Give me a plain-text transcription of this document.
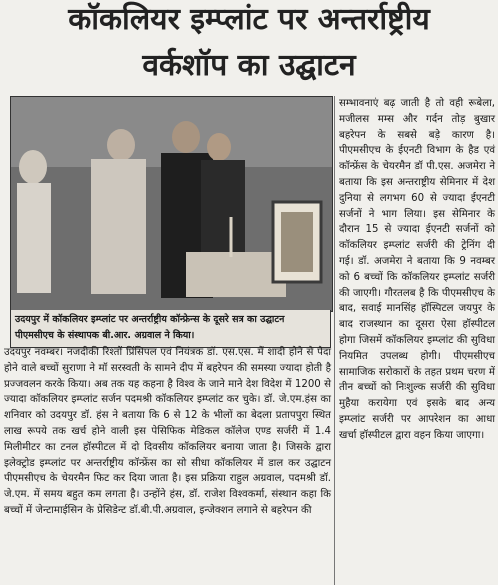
कॉकलियर इम्प्लांट पर अन्तर्राष्ट्रीय
वर्कशॉप का उद्घाटन
उदयपुर में कॉकलियर इम्प्लांट पर अन्तर्राष्ट्रीय कॉन्फ्रेन्स के दूसरे सत्र का उद्घाटन पीएमसीएच के संस्थापक बी.आर. अग्रवाल ने किया।

उदयपुर नवम्बर। नजदीकी रिश्तों प्रिंसिपल एवं नियंत्रक डॉ. एस.एस. में शादी होने से पैदा होने वाले बच्चों सुराणा ने मॉ सरस्वती के सामने दीप में बहरेपन की समस्या ज्यादा होती है प्रज्जवलन करके किया। अब तक यह कहना है विश्व के जाने माने देश विदेश में 1200 से ज्यादा कॉकलियर इम्प्लांट सर्जन पदमश्री कॉकलियर इम्प्लांट कर चुके। डॉ. जे.एम.हंस का शनिवार को उदयपुर डॉ. हंस ने बताया कि 6 से 12 के भीलों का बेदला प्रतापपुरा स्थित लाख रूपये तक खर्च होने वाली इस पेसिफिक मेडिकल कॉलेज एण्ड सर्जरी में 1.4 मिलीमीटर का टनल हॉस्पीटल में दो दिवसीय कॉकलियर बनाया जाता है। जिसके द्वारा इलेक्ट्रोड इम्प्लांट पर अन्तर्राष्ट्रीय कॉन्फ्रेंस का सो सीधा कॉकलियर में डाल कर उद्घाटन पीएमसीएच के चेयरमैन फिट कर दिया जाता है। इस प्रक्रिया राहुल अग्रवाल, पदमश्री डॉ. जे.एम. में समय बहुत कम लगता है। उन्होंने हंस, डॉ. राजेश विश्वकर्मा, संस्थान कहा कि बच्चों में जेन्टामाईसिन के प्रेसिडेन्ट डॉ.बी.पी.अग्रवाल, इन्जेक्शन लगाने से बहरेपन की

सम्भावनाएं बढ़ जाती है तो वही रूबेला, मजीलस मम्स और गर्दन तोड़ बुखार बहरेपन के सबसे बड़े कारण है। पीएमसीएच के ईएनटी विभाग के हैड एवं कॉन्फ्रेंस के चेयरमैन डॉ पी.एस. अजमेरा ने बताया कि इस अन्तराष्ट्रीय सेमिनार में देश दुनिया से लगभग 60 से ज्यादा ईएनटी सर्जनों ने भाग लिया। इस सेमिनार के दौरान 15 से ज्यादा ईएनटी सर्जनों को कॉकलियर इम्प्लांट सर्जरी की ट्रेनिंग दी गई। डॉ. अजमेरा ने बताया कि 9 नवम्बर को 6 बच्चों कि कॉकलियर इम्प्लांट सर्जरी की जाएगी। गौरतलब है कि पीएमसीएच के बाद, सवाई मानसिंह हॉस्पिटल जयपुर के बाद राजस्थान का दूसरा ऐसा हॉस्पीटल होगा जिसमें कॉकलियर इम्प्लांट की सुविधा नियमित उपलब्ध होगी। पीएमसीएच सामाजिक सरोकारों के तहत प्रथम चरण में तीन बच्चों को निःशुल्क सर्जरी की सुविधा मुहैया करायेगा एवं इसके बाद अन्य इम्प्लांट सर्जरी पर आपरेशन का आधा खर्चा हॉस्पीटल द्वारा वहन किया जाएगा।
